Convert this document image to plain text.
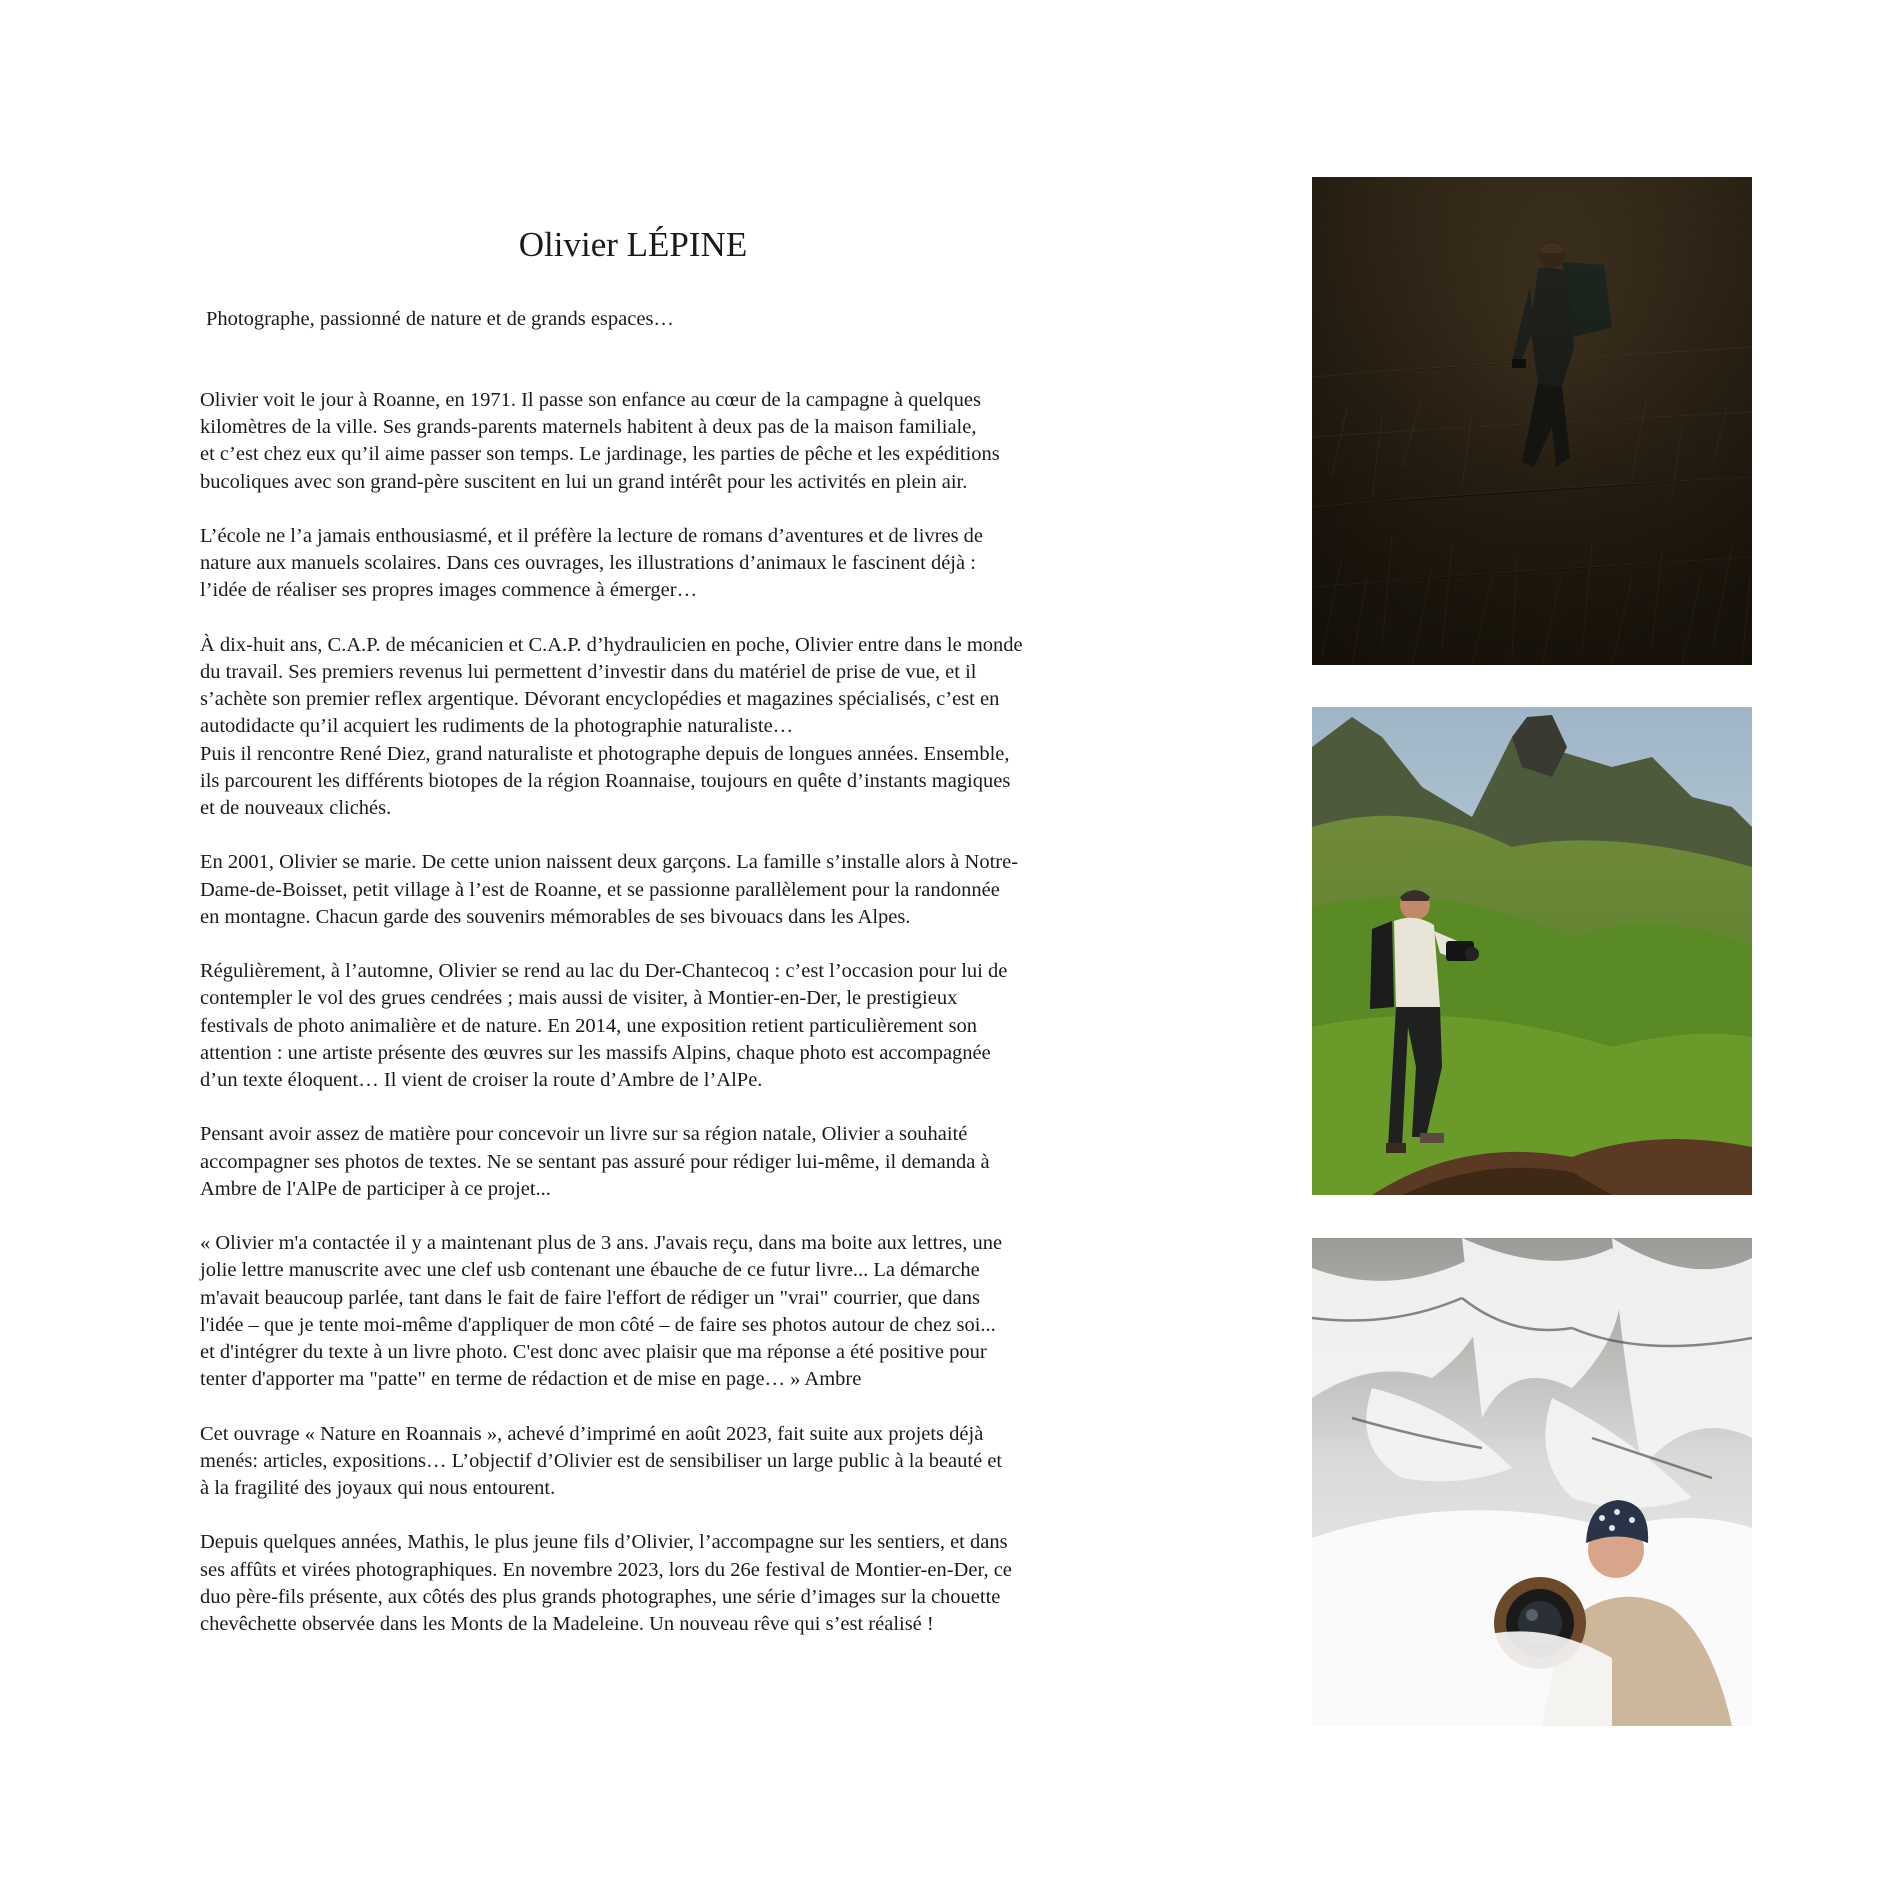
Olivier LÉPINE

Photographe, passionné de nature et de grands espaces…

Olivier voit le jour à Roanne, en 1971. Il passe son enfance au cœur de la campagne à quelques
kilomètres de la ville. Ses grands-parents maternels habitent à deux pas de la maison familiale,
et c’est chez eux qu’il aime passer son temps. Le jardinage, les parties de pêche et les expéditions
bucoliques avec son grand-père suscitent en lui un grand intérêt pour les activités en plein air.

L’école ne l’a jamais enthousiasmé, et il préfère la lecture de romans d’aventures et de livres de
nature aux manuels scolaires. Dans ces ouvrages, les illustrations d’animaux le fascinent déjà :
l’idée de réaliser ses propres images commence à émerger…

À dix-huit ans, C.A.P. de mécanicien et C.A.P. d’hydraulicien en poche, Olivier entre dans le monde
du travail. Ses premiers revenus lui permettent d’investir dans du matériel de prise de vue, et il
s’achète son premier reflex argentique. Dévorant encyclopédies et magazines spécialisés, c’est en
autodidacte qu’il acquiert les rudiments de la photographie naturaliste…
Puis il rencontre René Diez, grand naturaliste et photographe depuis de longues années. Ensemble,
ils parcourent les différents biotopes de la région Roannaise, toujours en quête d’instants magiques
et de nouveaux clichés.

En 2001, Olivier se marie. De cette union naissent deux garçons. La famille s’installe alors à Notre-
Dame-de-Boisset, petit village à l’est de Roanne, et se passionne parallèlement pour la randonnée
en montagne. Chacun garde des souvenirs mémorables de ses bivouacs dans les Alpes.

Régulièrement, à l’automne, Olivier se rend au lac du Der-Chantecoq : c’est l’occasion pour lui de
contempler le vol des grues cendrées ; mais aussi de visiter, à Montier-en-Der, le prestigieux
festivals de photo animalière et de nature. En 2014, une exposition retient particulièrement son
attention : une artiste présente des œuvres sur les massifs Alpins, chaque photo est accompagnée
d’un texte éloquent… Il vient de croiser la route d’Ambre de l’AlPe.

Pensant avoir assez de matière pour concevoir un livre sur sa région natale, Olivier a souhaité
accompagner ses photos de textes. Ne se sentant pas assuré pour rédiger lui-même, il demanda à
Ambre de l'AlPe de participer à ce projet...

« Olivier m'a contactée il y a maintenant plus de 3 ans. J'avais reçu, dans ma boite aux lettres, une
jolie lettre manuscrite avec une clef usb contenant une ébauche de ce futur livre... La démarche
m'avait beaucoup parlée, tant dans le fait de faire l'effort de rédiger un "vrai" courrier, que dans
l'idée – que je tente moi-même d'appliquer de mon côté – de faire ses photos autour de chez soi...
et d'intégrer du texte à un livre photo. C'est donc avec plaisir que ma réponse a été positive pour
tenter d'apporter ma "patte" en terme de rédaction et de mise en page… » Ambre

Cet ouvrage « Nature en Roannais », achevé d’imprimé en août 2023, fait suite aux projets déjà
menés: articles, expositions… L’objectif d’Olivier est de sensibiliser un large public à la beauté et
à la fragilité des joyaux qui nous entourent.

Depuis quelques années, Mathis, le plus jeune fils d’Olivier, l’accompagne sur les sentiers, et dans
ses affûts et virées photographiques. En novembre 2023, lors du 26e festival de Montier-en-Der, ce
duo père-fils présente, aux côtés des plus grands photographes, une série d’images sur la chouette
chevêchette observée dans les Monts de la Madeleine. Un nouveau rêve qui s’est réalisé !
